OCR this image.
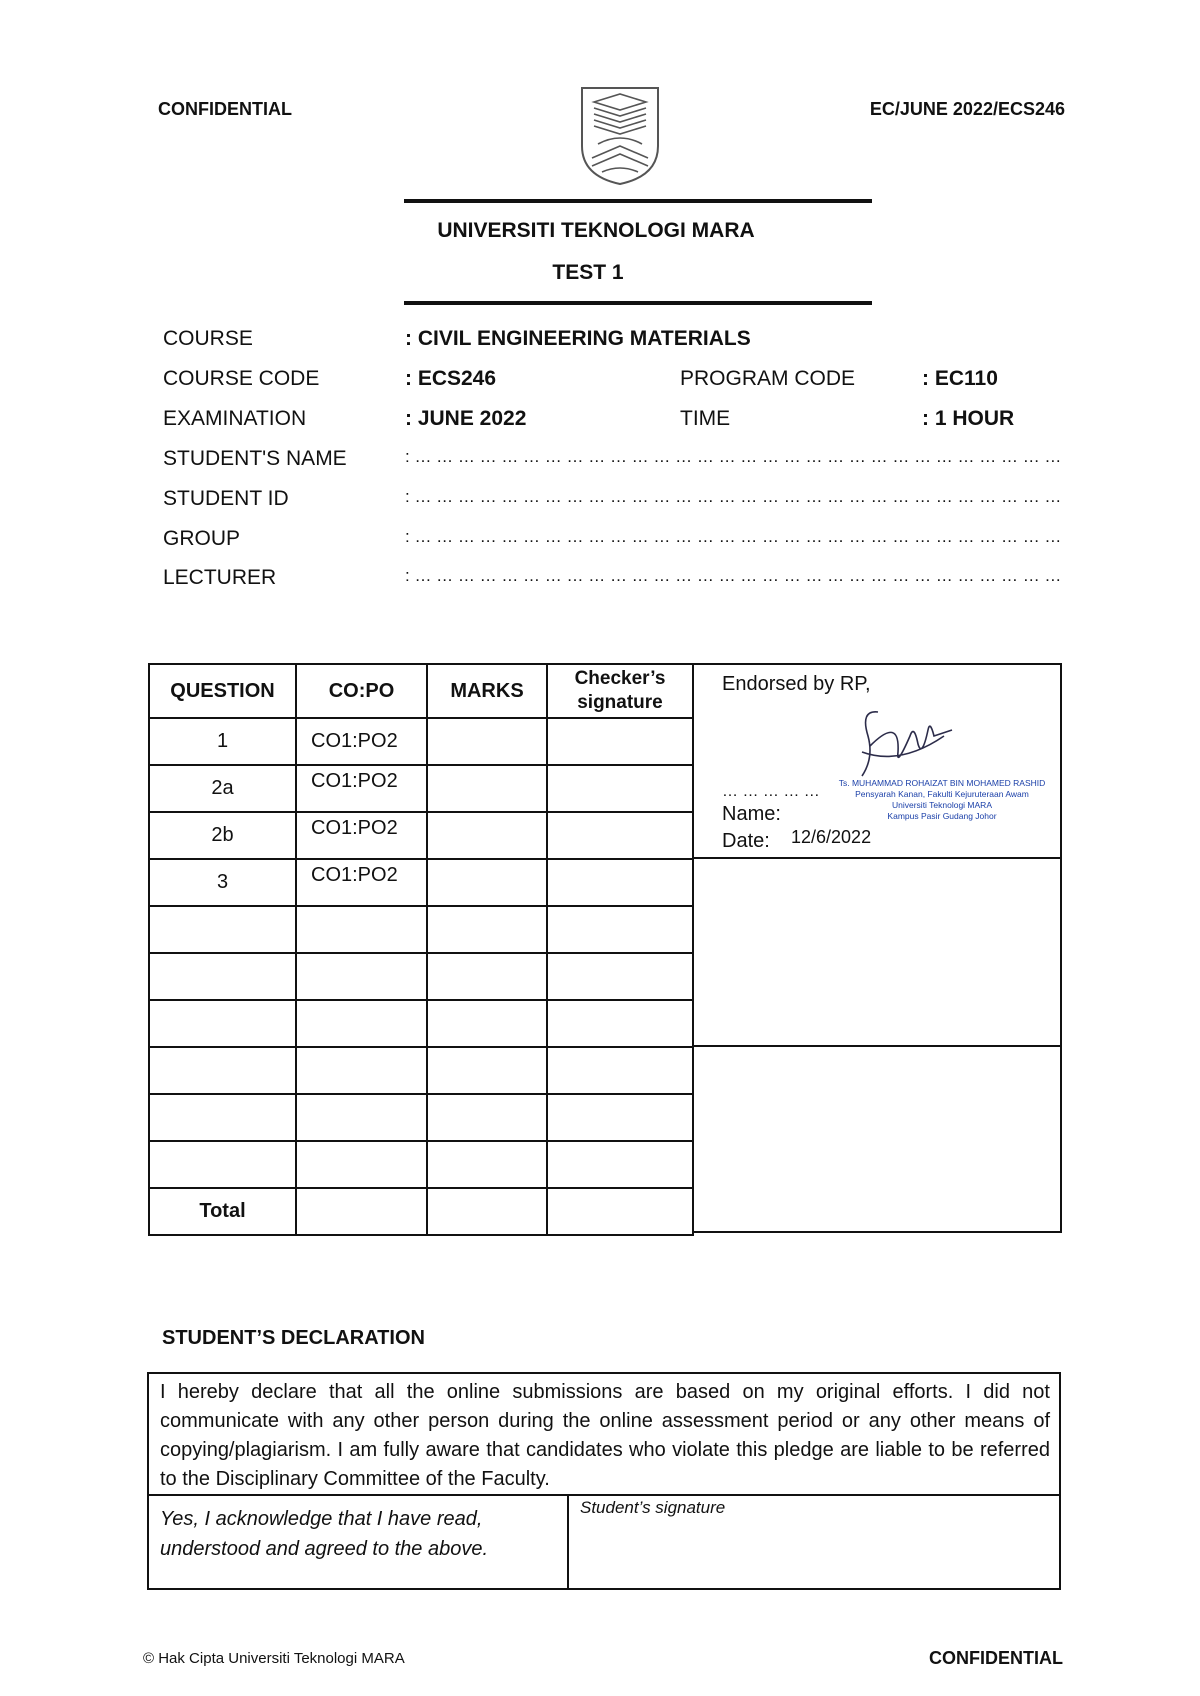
CONFIDENTIAL	EC/JUNE 2022/ECS246
UNIVERSITI TEKNOLOGI MARA
TEST 1
COURSE	: CIVIL ENGINEERING MATERIALS
COURSE CODE	: ECS246	PROGRAM CODE	: EC110
EXAMINATION	: JUNE 2022	TIME	: 1 HOUR
STUDENT'S NAME	: … … … … … … … … … … … … … … … … … … … … … … … … … … … … … …
STUDENT ID	: … … … … … … … … … … … … … … … … … … … … … … … … … … … … … …
GROUP	: … … … … … … … … … … … … … … … … … … … … … … … … … … … … … …
LECTURER	: … … … … … … … … … … … … … … … … … … … … … … … … … … … … … …
QUESTION	CO:PO	MARKS	Checker’s
signature

1	CO1:PO2		
2a	CO1:PO2		
2b	CO1:PO2		
3	CO1:PO2		

Total			
Endorsed by RP,
Ts. MUHAMMAD ROHAIZAT BIN MOHAMED RASHID
Pensyarah Kanan, Fakulti Kejuruteraan Awam
Universiti Teknologi MARA
Kampus Pasir Gudang Johor
… … … … …
Name:
Date: 12/6/2022
STUDENT’S DECLARATION
I hereby declare that all the online submissions are based on my original efforts. I did not communicate with any other person during the online assessment period or any other means of copying/plagiarism. I am fully aware that candidates who violate this pledge are liable to be referred to the Disciplinary Committee of the Faculty.
Yes, I acknowledge that I have read, understood and agreed to the above.
Student’s signature
© Hak Cipta Universiti Teknologi MARA	CONFIDENTIAL
